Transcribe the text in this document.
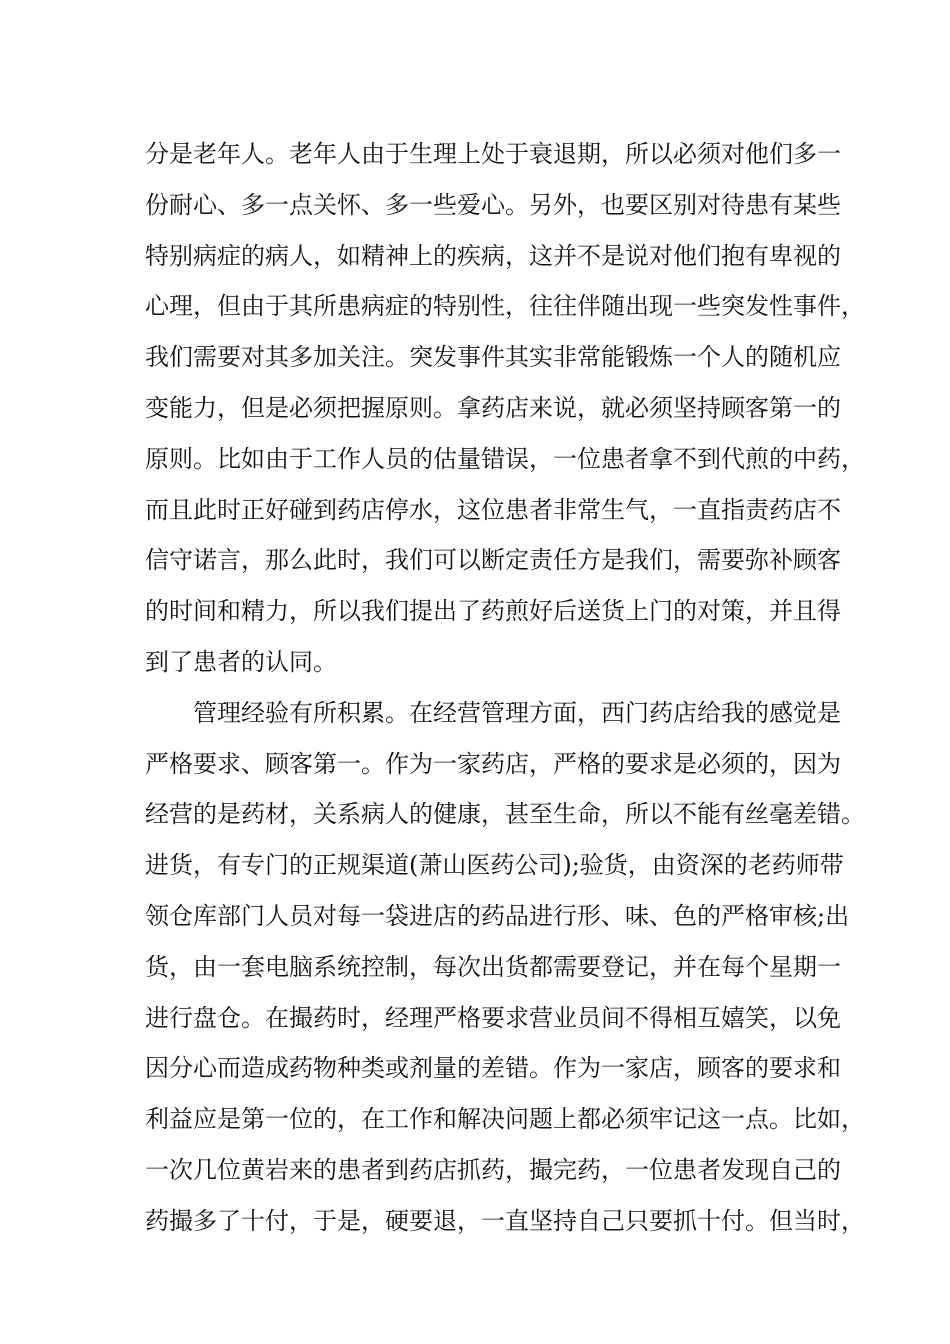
分是老年人。老年人由于生理上处于衰退期，所以必须对他们多一
份耐心、多一点关怀、多一些爱心。另外，也要区别对待患有某些
特别病症的病人，如精神上的疾病，这并不是说对他们抱有卑视的
心理，但由于其所患病症的特别性，往往伴随出现一些突发性事件，
我们需要对其多加关注。突发事件其实非常能锻炼一个人的随机应
变能力，但是必须把握原则。拿药店来说，就必须坚持顾客第一的
原则。比如由于工作人员的估量错误，一位患者拿不到代煎的中药，
而且此时正好碰到药店停水，这位患者非常生气，一直指责药店不
信守诺言，那么此时，我们可以断定责任方是我们，需要弥补顾客
的时间和精力，所以我们提出了药煎好后送货上门的对策，并且得
到了患者的认同。
管理经验有所积累。在经营管理方面，西门药店给我的感觉是
严格要求、顾客第一。作为一家药店，严格的要求是必须的，因为
经营的是药材，关系病人的健康，甚至生命，所以不能有丝毫差错。
进货，有专门的正规渠道(萧山医药公司);验货，由资深的老药师带
领仓库部门人员对每一袋进店的药品进行形、味、色的严格审核;出
货，由一套电脑系统控制，每次出货都需要登记，并在每个星期一
进行盘仓。在撮药时，经理严格要求营业员间不得相互嬉笑，以免
因分心而造成药物种类或剂量的差错。作为一家店，顾客的要求和
利益应是第一位的，在工作和解决问题上都必须牢记这一点。比如，
一次几位黄岩来的患者到药店抓药，撮完药，一位患者发现自己的
药撮多了十付，于是，硬要退，一直坚持自己只要抓十付。但当时，
